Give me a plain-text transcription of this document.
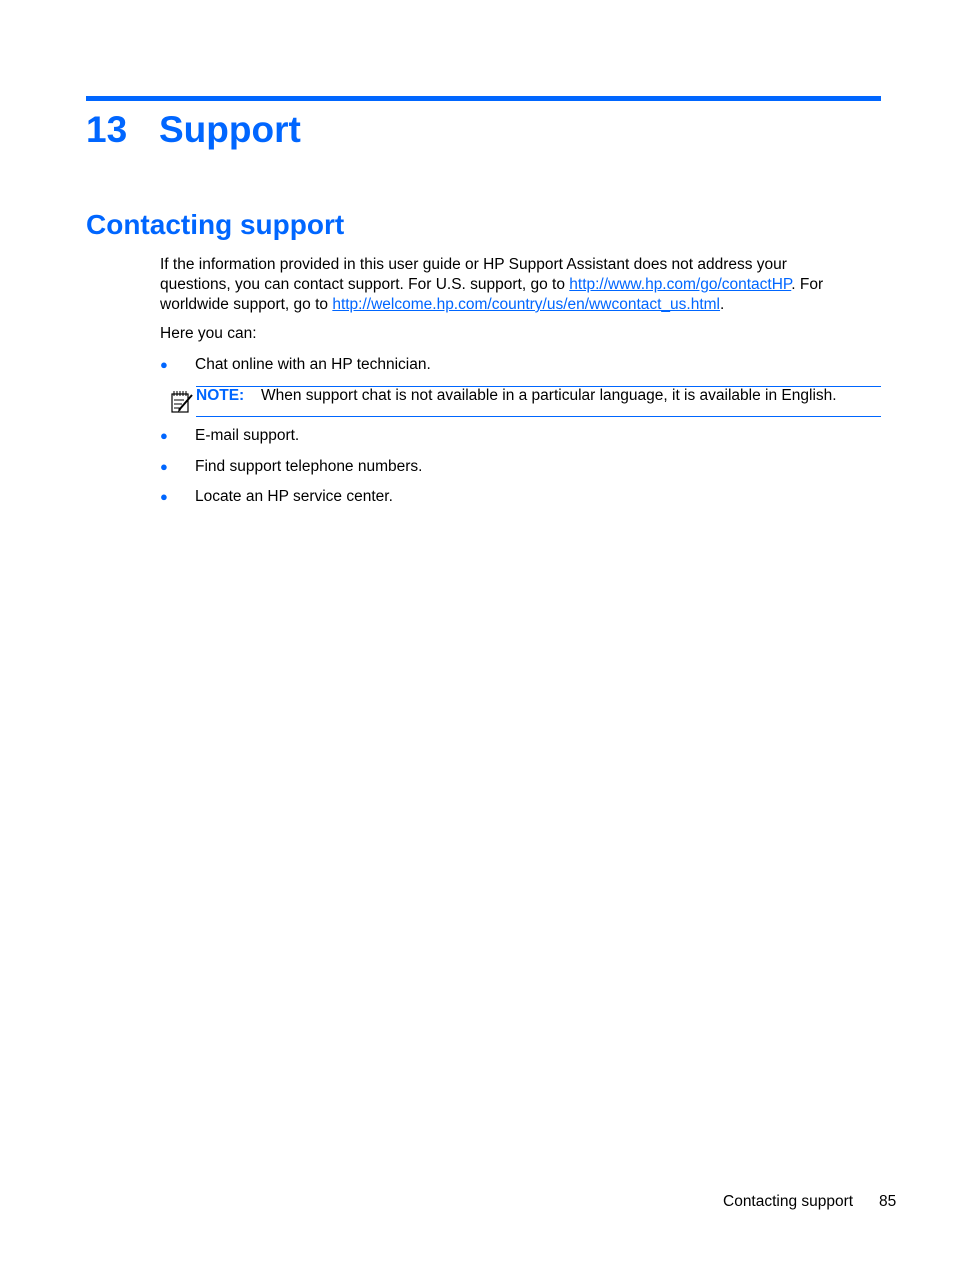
13 Support
Contacting support

If the information provided in this user guide or HP Support Assistant does not address your questions, you can contact support. For U.S. support, go to http://www.hp.com/go/contactHP. For worldwide support, go to http://welcome.hp.com/country/us/en/wwcontact_us.html.

Here you can:

● Chat online with an HP technician.
NOTE: When support chat is not available in a particular language, it is available in English.
● E-mail support.
● Find support telephone numbers.
● Locate an HP service center.
Contacting support 85
